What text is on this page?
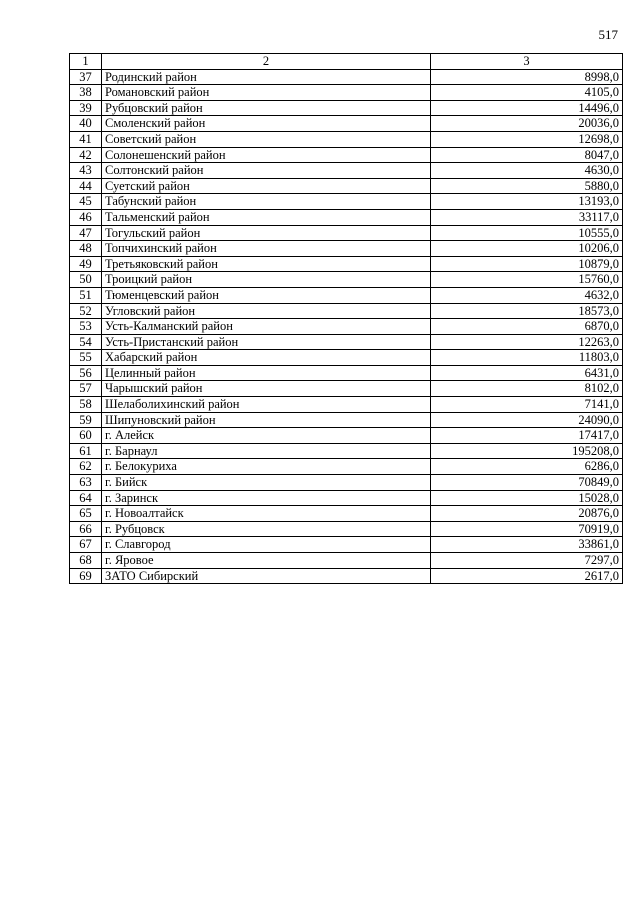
517
1	2	3
37	Родинский район	8998,0
38	Романовский район	4105,0
39	Рубцовский район	14496,0
40	Смоленский район	20036,0
41	Советский район	12698,0
42	Солонешенский район	8047,0
43	Солтонский район	4630,0
44	Суетский район	5880,0
45	Табунский район	13193,0
46	Тальменский район	33117,0
47	Тогульский район	10555,0
48	Топчихинский район	10206,0
49	Третьяковский район	10879,0
50	Троицкий район	15760,0
51	Тюменцевский район	4632,0
52	Угловский район	18573,0
53	Усть-Калманский район	6870,0
54	Усть-Пристанский район	12263,0
55	Хабарский район	11803,0
56	Целинный район	6431,0
57	Чарышский район	8102,0
58	Шелаболихинский район	7141,0
59	Шипуновский район	24090,0
60	г. Алейск	17417,0
61	г. Барнаул	195208,0
62	г. Белокуриха	6286,0
63	г. Бийск	70849,0
64	г. Заринск	15028,0
65	г. Новоалтайск	20876,0
66	г. Рубцовск	70919,0
67	г. Славгород	33861,0
68	г. Яровое	7297,0
69	ЗАТО Сибирский	2617,0
